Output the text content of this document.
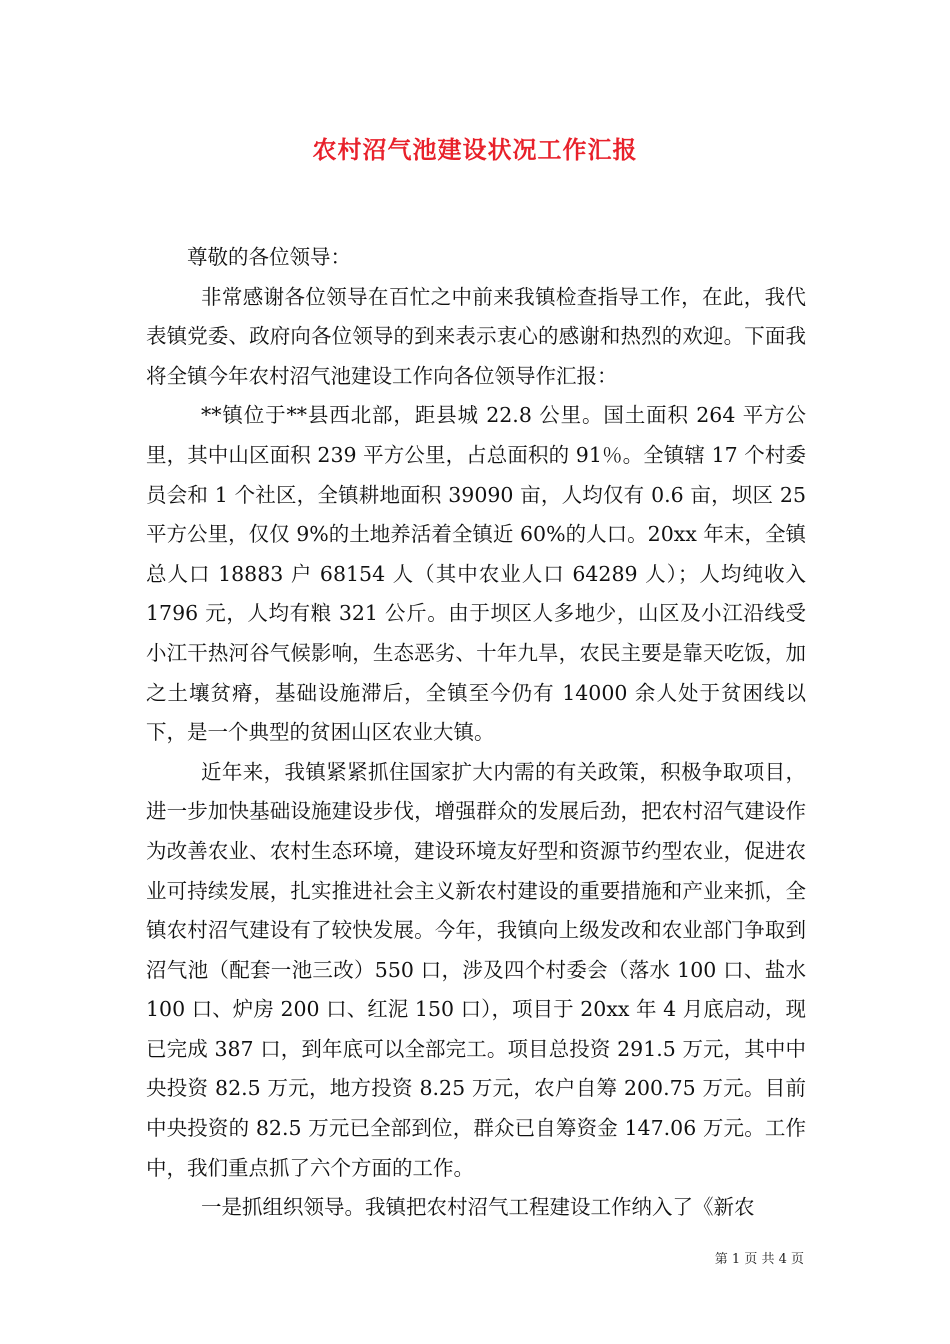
农村沼气池建设状况工作汇报

尊敬的各位领导：

非常感谢各位领导在百忙之中前来我镇检查指导工作，在此，我代表镇党委、政府向各位领导的到来表示衷心的感谢和热烈的欢迎。下面我将全镇今年农村沼气池建设工作向各位领导作汇报：

**镇位于**县西北部，距县城 22.8 公里。国土面积 264 平方公里，其中山区面积 239 平方公里，占总面积的 91％。全镇辖 17 个村委员会和 1 个社区，全镇耕地面积 39090 亩，人均仅有 0.6 亩，坝区 25 平方公里，仅仅 9%的土地养活着全镇近 60%的人口。20xx 年末，全镇总人口 18883 户 68154 人（其中农业人口 64289 人）；人均纯收入 1796 元，人均有粮 321 公斤。由于坝区人多地少，山区及小江沿线受小江干热河谷气候影响，生态恶劣、十年九旱，农民主要是靠天吃饭，加之土壤贫瘠，基础设施滞后，全镇至今仍有 14000 余人处于贫困线以下，是一个典型的贫困山区农业大镇。

近年来，我镇紧紧抓住国家扩大内需的有关政策，积极争取项目，进一步加快基础设施建设步伐，增强群众的发展后劲，把农村沼气建设作为改善农业、农村生态环境，建设环境友好型和资源节约型农业，促进农业可持续发展，扎实推进社会主义新农村建设的重要措施和产业来抓，全镇农村沼气建设有了较快发展。今年，我镇向上级发改和农业部门争取到沼气池（配套一池三改）550 口，涉及四个村委会（落水 100 口、盐水 100 口、炉房 200 口、红泥 150 口），项目于 20xx 年 4 月底启动，现已完成 387 口，到年底可以全部完工。项目总投资 291.5 万元，其中中央投资 82.5 万元，地方投资 8.25 万元，农户自筹 200.75 万元。目前中央投资的 82.5 万元已全部到位，群众已自筹资金 147.06 万元。工作中，我们重点抓了六个方面的工作。

一是抓组织领导。我镇把农村沼气工程建设工作纳入了《新农

第 1 页 共 4 页
